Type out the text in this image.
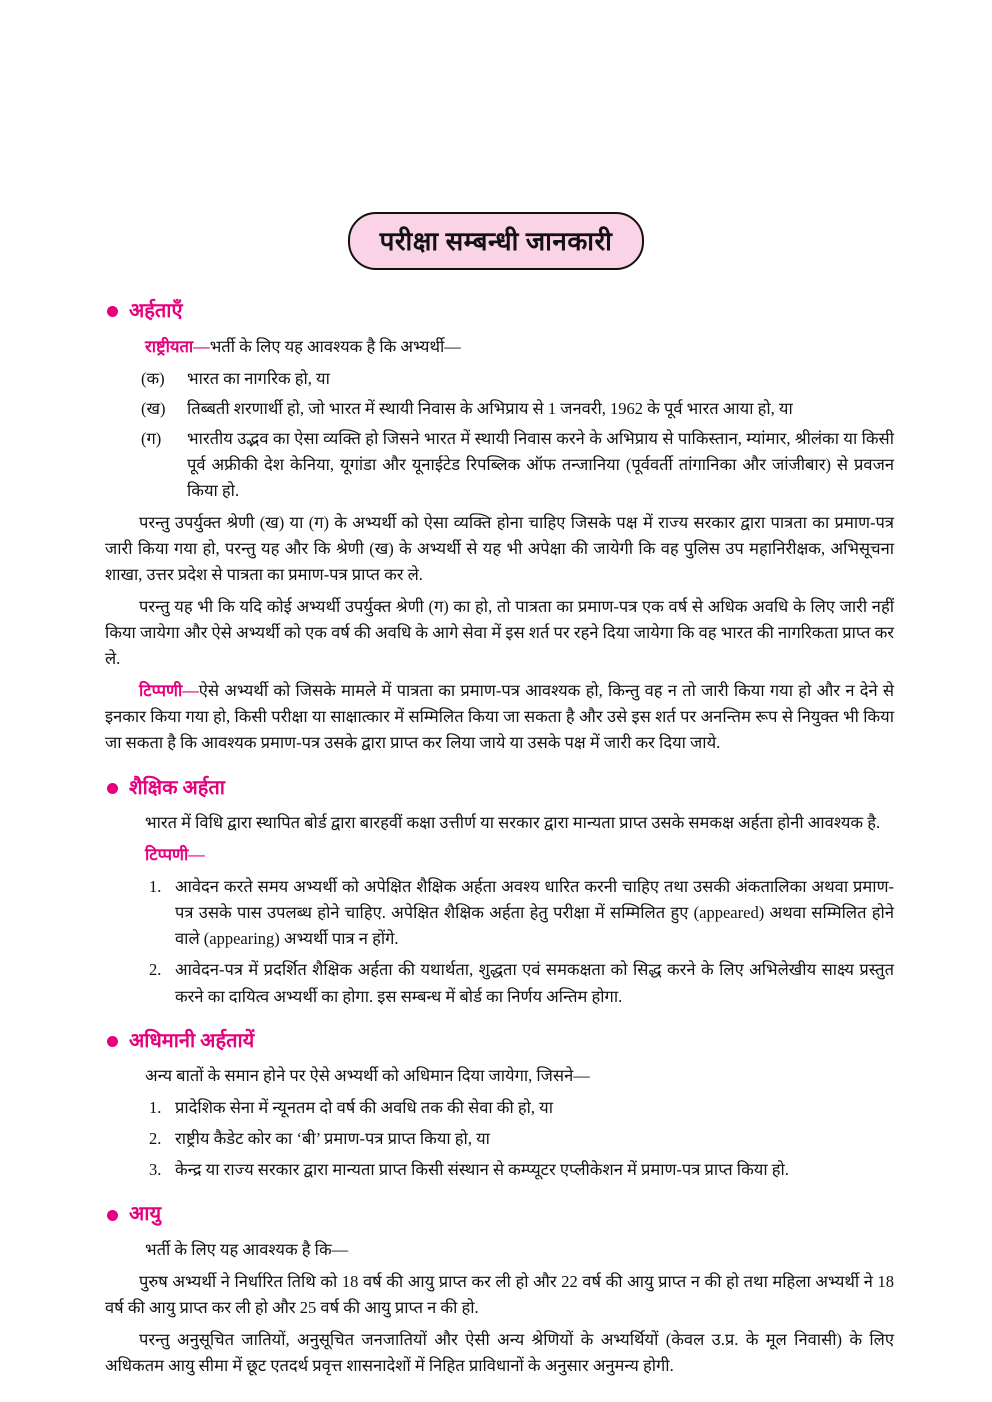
परीक्षा सम्बन्धी जानकारी
अर्हताएँ

राष्ट्रीयता—भर्ती के लिए यह आवश्यक है कि अभ्यर्थी—

(क)	भारत का नागरिक हो, या
(ख)	तिब्बती शरणार्थी हो, जो भारत में स्थायी निवास के अभिप्राय से 1 जनवरी, 1962 के पूर्व भारत आया हो, या
(ग)	भारतीय उद्भव का ऐसा व्यक्ति हो जिसने भारत में स्थायी निवास करने के अभिप्राय से पाकिस्तान, म्यांमार, श्रीलंका या किसी पूर्व अफ्रीकी देश केनिया, यूगांडा और यूनाईटेड रिपब्लिक ऑफ तन्जानिया (पूर्ववर्ती तांगानिका और जांजीबार) से प्रवजन किया हो.

परन्तु उपर्युक्त श्रेणी (ख) या (ग) के अभ्यर्थी को ऐसा व्यक्ति होना चाहिए जिसके पक्ष में राज्य सरकार द्वारा पात्रता का प्रमाण-पत्र जारी किया गया हो, परन्तु यह और कि श्रेणी (ख) के अभ्यर्थी से यह भी अपेक्षा की जायेगी कि वह पुलिस उप महानिरीक्षक, अभिसूचना शाखा, उत्तर प्रदेश से पात्रता का प्रमाण-पत्र प्राप्त कर ले.

परन्तु यह भी कि यदि कोई अभ्यर्थी उपर्युक्त श्रेणी (ग) का हो, तो पात्रता का प्रमाण-पत्र एक वर्ष से अधिक अवधि के लिए जारी नहीं किया जायेगा और ऐसे अभ्यर्थी को एक वर्ष की अवधि के आगे सेवा में इस शर्त पर रहने दिया जायेगा कि वह भारत की नागरिकता प्राप्त कर ले.

टिप्पणी—ऐसे अभ्यर्थी को जिसके मामले में पात्रता का प्रमाण-पत्र आवश्यक हो, किन्तु वह न तो जारी किया गया हो और न देने से इनकार किया गया हो, किसी परीक्षा या साक्षात्कार में सम्मिलित किया जा सकता है और उसे इस शर्त पर अनन्तिम रूप से नियुक्त भी किया जा सकता है कि आवश्यक प्रमाण-पत्र उसके द्वारा प्राप्त कर लिया जाये या उसके पक्ष में जारी कर दिया जाये.

शैक्षिक अर्हता

भारत में विधि द्वारा स्थापित बोर्ड द्वारा बारहवीं कक्षा उत्तीर्ण या सरकार द्वारा मान्यता प्राप्त उसके समकक्ष अर्हता होनी आवश्यक है.

टिप्पणी—

1. आवेदन करते समय अभ्यर्थी को अपेक्षित शैक्षिक अर्हता अवश्य धारित करनी चाहिए तथा उसकी अंकतालिका अथवा प्रमाण-पत्र उसके पास उपलब्ध होने चाहिए. अपेक्षित शैक्षिक अर्हता हेतु परीक्षा में सम्मिलित हुए (appeared) अथवा सम्मिलित होने वाले (appearing) अभ्यर्थी पात्र न होंगे.
2. आवेदन-पत्र में प्रदर्शित शैक्षिक अर्हता की यथार्थता, शुद्धता एवं समकक्षता को सिद्ध करने के लिए अभिलेखीय साक्ष्य प्रस्तुत करने का दायित्व अभ्यर्थी का होगा. इस सम्बन्ध में बोर्ड का निर्णय अन्तिम होगा.
अधिमानी अर्हतायें

अन्य बातों के समान होने पर ऐसे अभ्यर्थी को अधिमान दिया जायेगा, जिसने—

1. प्रादेशिक सेना में न्यूनतम दो वर्ष की अवधि तक की सेवा की हो, या
2. राष्ट्रीय कैडेट कोर का ‘बी’ प्रमाण-पत्र प्राप्त किया हो, या
3. केन्द्र या राज्य सरकार द्वारा मान्यता प्राप्त किसी संस्थान से कम्प्यूटर एप्लीकेशन में प्रमाण-पत्र प्राप्त किया हो.
आयु

भर्ती के लिए यह आवश्यक है कि—

पुरुष अभ्यर्थी ने निर्धारित तिथि को 18 वर्ष की आयु प्राप्त कर ली हो और 22 वर्ष की आयु प्राप्त न की हो तथा महिला अभ्यर्थी ने 18 वर्ष की आयु प्राप्त कर ली हो और 25 वर्ष की आयु प्राप्त न की हो.

परन्तु अनुसूचित जातियों, अनुसूचित जनजातियों और ऐसी अन्य श्रेणियों के अभ्यर्थियों (केवल उ.प्र. के मूल निवासी) के लिए अधिकतम आयु सीमा में छूट एतदर्थ प्रवृत्त शासनादेशों में निहित प्राविधानों के अनुसार अनुमन्य होगी.
